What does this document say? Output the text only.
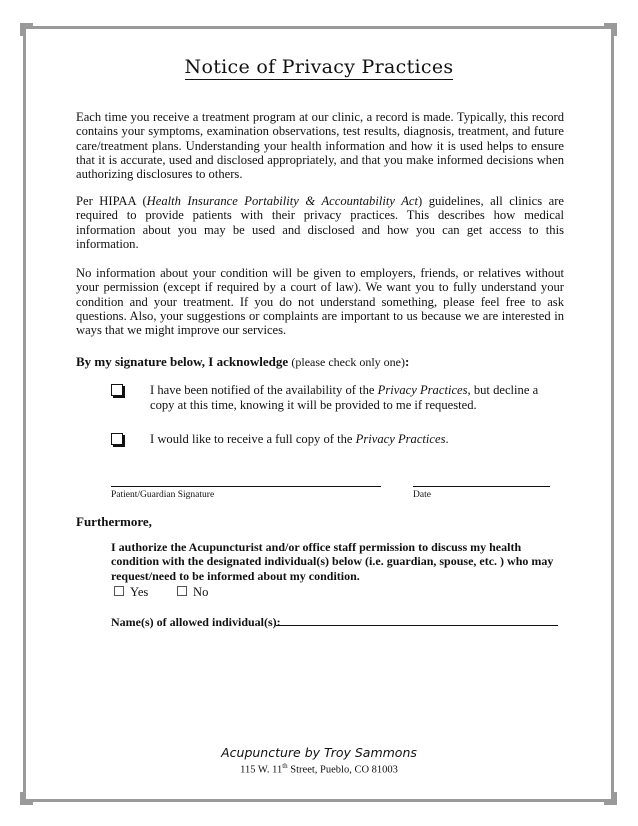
Notice of Privacy Practices

Each time you receive a treatment program at our clinic, a record is made. Typically, this record contains your symptoms, examination observations, test results, diagnosis, treatment, and future care/treatment plans. Understanding your health information and how it is used helps to ensure that it is accurate, used and disclosed appropriately, and that you make informed decisions when authorizing disclosures to others.

Per HIPAA (Health Insurance Portability & Accountability Act) guidelines, all clinics are required to provide patients with their privacy practices. This describes how medical information about you may be used and disclosed and how you can get access to this information.

No information about your condition will be given to employers, friends, or relatives without your permission (except if required by a court of law). We want you to fully understand your condition and your treatment. If you do not understand something, please feel free to ask questions. Also, your suggestions or complaints are important to us because we are interested in ways that we might improve our services.

By my signature below, I acknowledge (please check only one):
I have been notified of the availability of the Privacy Practices, but decline a copy at this time, knowing it will be provided to me if requested.
I would like to receive a full copy of the Privacy Practices.
Patient/Guardian Signature	Date
Furthermore,

I authorize the Acupuncturist and/or office staff permission to discuss my health condition with the designated individual(s) below (i.e. guardian, spouse, etc. ) who may request/need to be informed about my condition.

Yes	No
Name(s) of allowed individual(s):
Acupuncture by Troy Sammons
115 W. 11th Street, Pueblo, CO 81003
